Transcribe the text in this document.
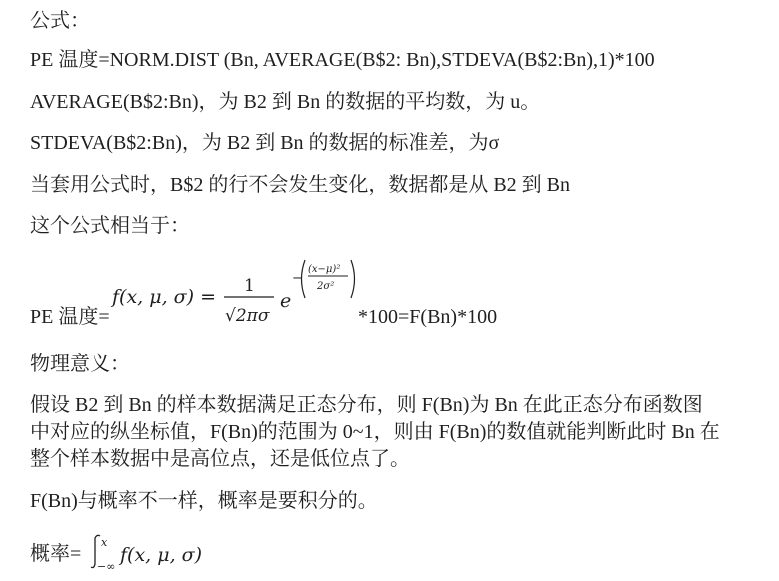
公式：
PE 温度=NORM.DIST (Bn, AVERAGE(B$2: Bn),STDEVA(B$2:Bn),1)*100
AVERAGE(B$2:Bn)，为 B2 到 Bn 的数据的平均数，为 u。
STDEVA(B$2:Bn)，为 B2 到 Bn 的数据的标准差，为σ
当套用公式时，B$2 的行不会发生变化，数据都是从 B2 到 Bn
这个公式相当于：
PE 温度=
f(x, μ, σ) = 1
√2πσ
e
−
(x−μ)²
2σ²
*100=F(Bn)*100
物理意义：
假设 B2 到 Bn 的样本数据满足正态分布，则 F(Bn)为 Bn 在此正态分布函数图
中对应的纵坐标值，F(Bn)的范围为 0~1，则由 F(Bn)的数值就能判断此时 Bn 在
整个样本数据中是高位点，还是低位点了。
F(Bn)与概率不一样，概率是要积分的。
概率=
x
−∞
f(x, μ, σ)
